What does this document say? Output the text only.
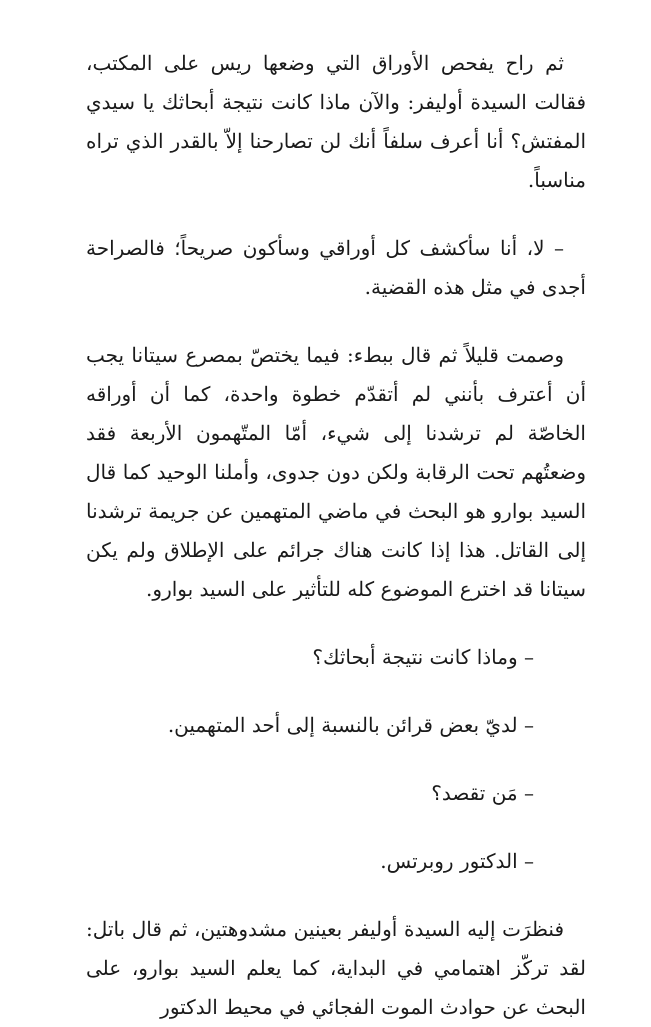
ثم راح يفحص الأوراق التي وضعها ريس على المكتب، فقالت السيدة أوليفر: والآن ماذا كانت نتيجة أبحاثك يا سيدي المفتش؟ أنا أعرف سلفاً أنك لن تصارحنا إلاّ بالقدر الذي تراه مناسباً.

– لا، أنا سأكشف كل أوراقي وسأكون صريحاً؛ فالصراحة أجدى في مثل هذه القضية.

وصمت قليلاً ثم قال ببطء: فيما يختصّ بمصرع سيتانا يجب أن أعترف بأنني لم أتقدّم خطوة واحدة، كما أن أوراقه الخاصّة لم ترشدنا إلى شيء، أمّا المتّهمون الأربعة فقد وضعتُهم تحت الرقابة ولكن دون جدوى، وأملنا الوحيد كما قال السيد بوارو هو البحث في ماضي المتهمين عن جريمة ترشدنا إلى القاتل. هذا إذا كانت هناك جرائم على الإطلاق ولم يكن سيتانا قد اخترع الموضوع كله للتأثير على السيد بوارو.

– وماذا كانت نتيجة أبحاثك؟

– لديّ بعض قرائن بالنسبة إلى أحد المتهمين.

– مَن تقصد؟

– الدكتور روبرتس.

فنظرَت إليه السيدة أوليفر بعينين مشدوهتين، ثم قال باتل: لقد تركّز اهتمامي في البداية، كما يعلم السيد بوارو، على البحث عن حوادث الموت الفجائي في محيط الدكتور
